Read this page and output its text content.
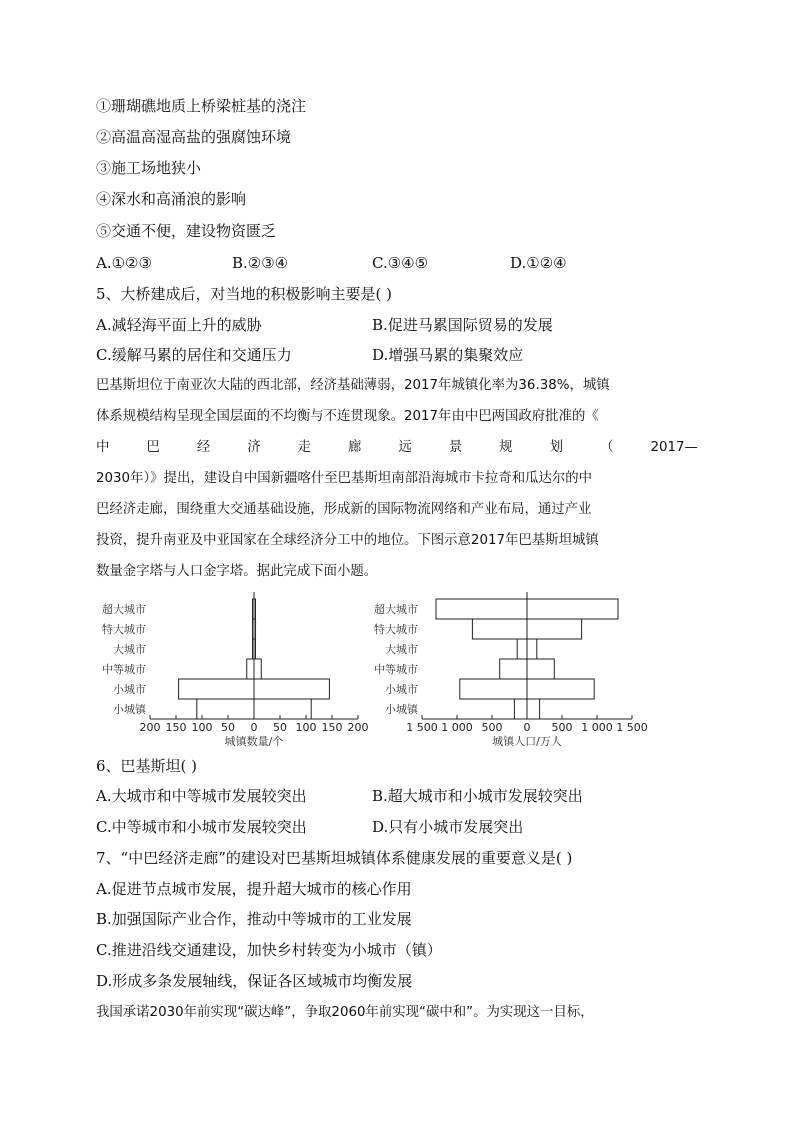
①珊瑚礁地质上桥梁桩基的浇注
②高温高湿高盐的强腐蚀环境
③施工场地狭小
④深水和高涌浪的影响
⑤交通不便，建设物资匮乏
A.①②③	B.②③④	C.③④⑤	D.①②④
5、大桥建成后，对当地的积极影响主要是( )
A.减轻海平面上升的威胁	B.促进马累国际贸易的发展
C.缓解马累的居住和交通压力	D.增强马累的集聚效应
巴基斯坦位于南亚次大陆的西北部，经济基础薄弱，2017年城镇化率为36.38%，城镇
体系规模结构呈现全国层面的不均衡与不连贯现象。2017年由中巴两国政府批准的《
中	巴	经	济	走	廊	远	景	规	划	（	2017—
2030年）》提出，建设自中国新疆喀什至巴基斯坦南部沿海城市卡拉奇和瓜达尔的中
巴经济走廊，围绕重大交通基础设施，形成新的国际物流网络和产业布局，通过产业
投资，提升南亚及中亚国家在全球经济分工中的地位。下图示意2017年巴基斯坦城镇
数量金字塔与人口金字塔。据此完成下面小题。
超大城市
特大城市
大城市
中等城市
小城市
小城镇
200 150 100 50 0 50 100 150 200
城镇数量/个
超大城市
特大城市
大城市
中等城市
小城市
小城镇
1 500 1 000 500 0 500 1 000 1 500
城镇人口/万人
6、巴基斯坦( )
A.大城市和中等城市发展较突出	B.超大城市和小城市发展较突出
C.中等城市和小城市发展较突出	D.只有小城市发展突出
7、“中巴经济走廊”的建设对巴基斯坦城镇体系健康发展的重要意义是( )
A.促进节点城市发展，提升超大城市的核心作用
B.加强国际产业合作，推动中等城市的工业发展
C.推进沿线交通建设，加快乡村转变为小城市（镇）
D.形成多条发展轴线，保证各区域城市均衡发展
我国承诺2030年前实现“碳达峰”，争取2060年前实现“碳中和”。为实现这一目标，
